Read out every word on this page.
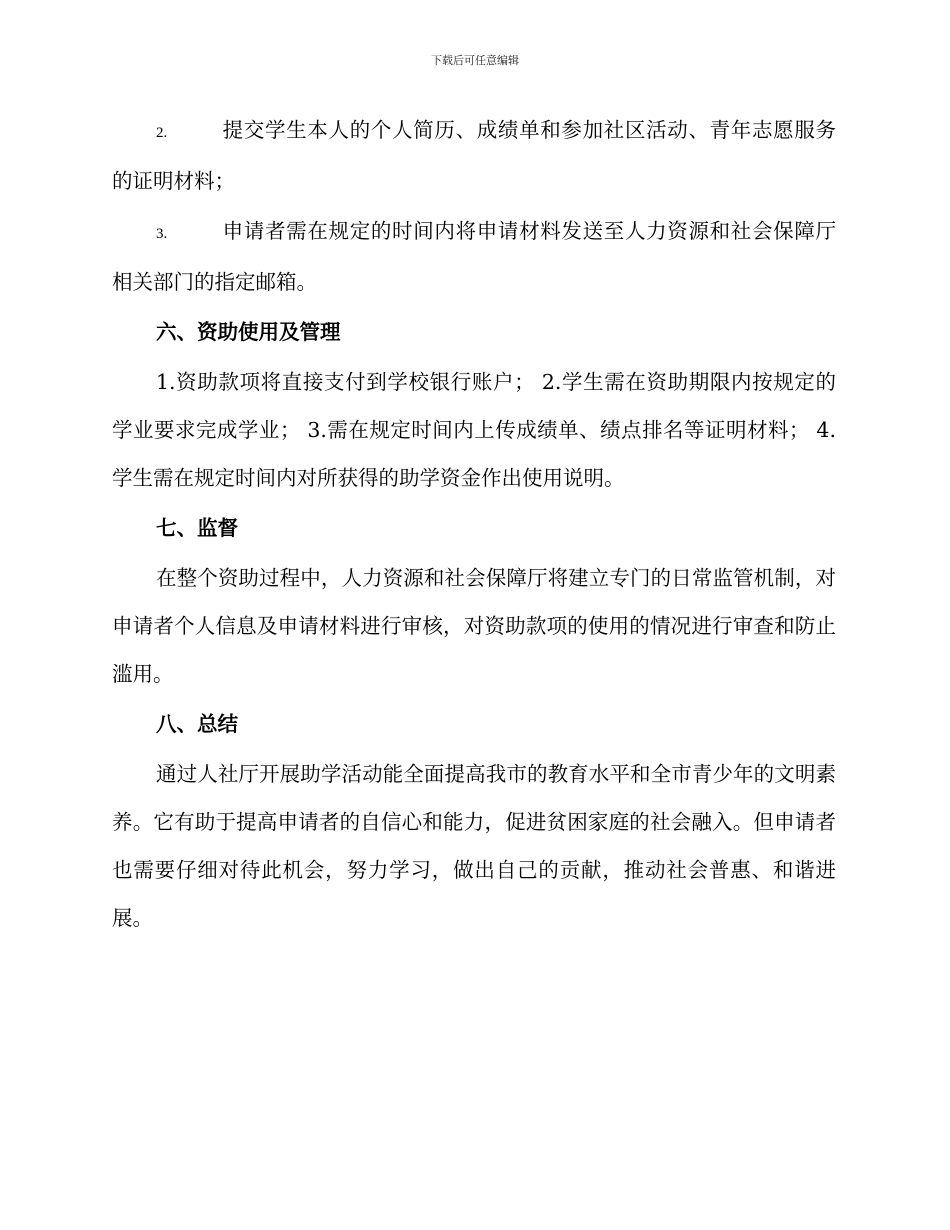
下载后可任意编辑

2.	提交学生本人的个人简历、成绩单和参加社区活动、青年志愿服务的证明材料；

3.	申请者需在规定的时间内将申请材料发送至人力资源和社会保障厅相关部门的指定邮箱。

六、资助使用及管理

1.资助款项将直接支付到学校银行账户； 2.学生需在资助期限内按规定的学业要求完成学业； 3.需在规定时间内上传成绩单、绩点排名等证明材料； 4.学生需在规定时间内对所获得的助学资金作出使用说明。

七、监督

在整个资助过程中，人力资源和社会保障厅将建立专门的日常监管机制，对申请者个人信息及申请材料进行审核，对资助款项的使用的情况进行审查和防止滥用。

八、总结

通过人社厅开展助学活动能全面提高我市的教育水平和全市青少年的文明素养。它有助于提高申请者的自信心和能力，促进贫困家庭的社会融入。但申请者也需要仔细对待此机会，努力学习，做出自己的贡献，推动社会普惠、和谐进展。
